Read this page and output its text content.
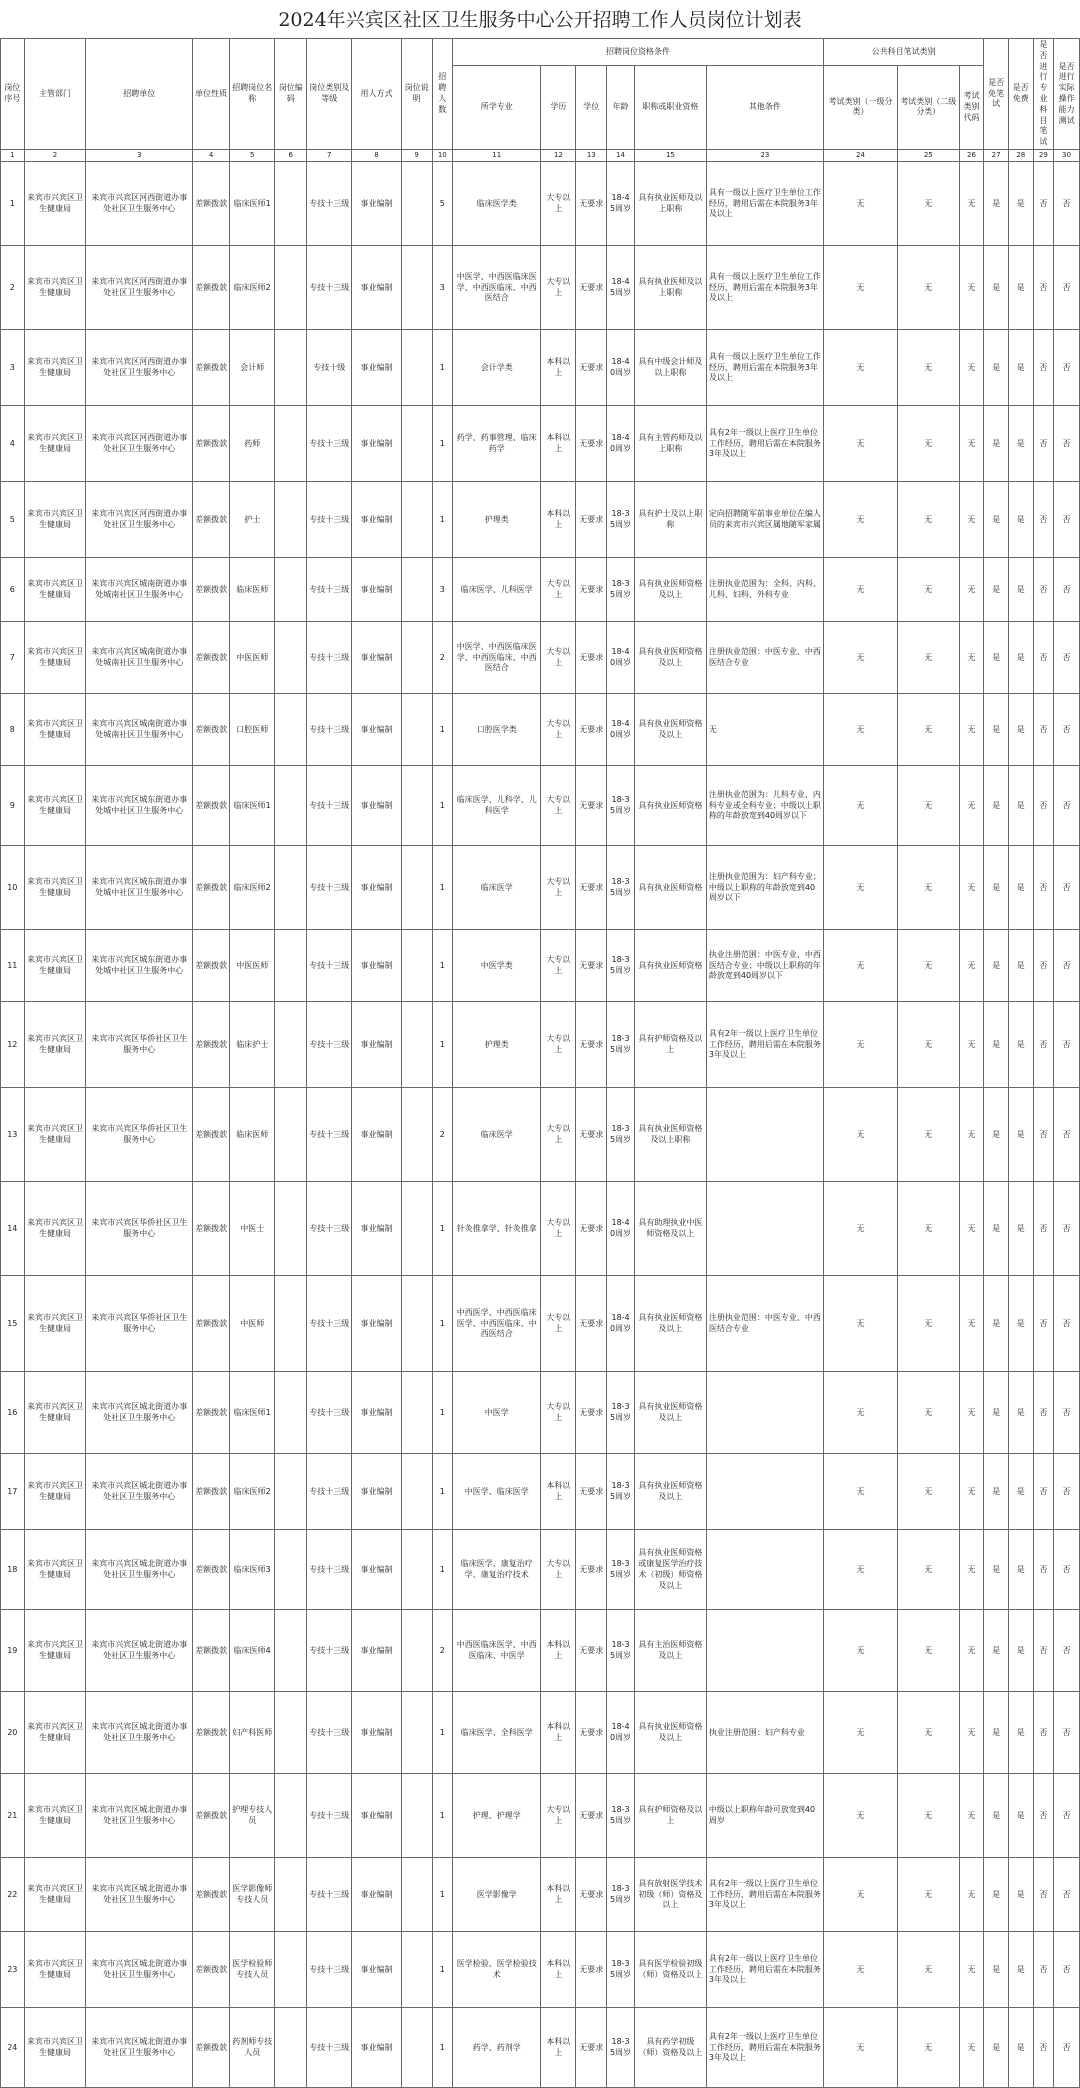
2024年兴宾区社区卫生服务中心公开招聘工作人员岗位计划表
岗位序号	主管部门	招聘单位	单位性质	招聘岗位名称	岗位编码	岗位类别及等级	用人方式	岗位说明	招聘人数	招聘岗位资格条件						公共科目笔试类别			是否免笔试	是否免费	是否进行专业科目笔试	是否进行实际操作能力测试
										所学专业	学历	学位	年龄	职称或职业资格	其他条件	考试类别（一级分类）	考试类别（二级分类）	考试类别代码				
1	2	3	4	5	6	7	8	9	10	11	12	13	14	15	23	24	25	26	27	28	29	30
1	来宾市兴宾区卫生健康局	来宾市兴宾区河西街道办事处社区卫生服务中心	差额拨款	临床医师1		专技十三级	事业编制		5	临床医学类	大专以上	无要求	18-45周岁	具有执业医师及以上职称	具有一级以上医疗卫生单位工作经历，聘用后需在本院服务3年及以上	无	无	无	是	是	否	否
2	来宾市兴宾区卫生健康局	来宾市兴宾区河西街道办事处社区卫生服务中心	差额拨款	临床医师2		专技十三级	事业编制		3	中医学、中西医临床医学、中西医临床、中西医结合	大专以上	无要求	18-45周岁	具有执业医师及以上职称	具有一级以上医疗卫生单位工作经历，聘用后需在本院服务3年及以上	无	无	无	是	是	否	否
3	来宾市兴宾区卫生健康局	来宾市兴宾区河西街道办事处社区卫生服务中心	差额拨款	会计师		专技十级	事业编制		1	会计学类	本科以上	无要求	18-40周岁	具有中级会计师及以上职称	具有一级以上医疗卫生单位工作经历，聘用后需在本院服务3年及以上	无	无	无	是	是	否	否
4	来宾市兴宾区卫生健康局	来宾市兴宾区河西街道办事处社区卫生服务中心	差额拨款	药师		专技十三级	事业编制		1	药学、药事管理、临床药学	本科以上	无要求	18-40周岁	具有主管药师及以上职称	具有2年一级以上医疗卫生单位工作经历，聘用后需在本院服务3年及以上	无	无	无	是	是	否	否
5	来宾市兴宾区卫生健康局	来宾市兴宾区河西街道办事处社区卫生服务中心	差额拨款	护士		专技十三级	事业编制		1	护理类	本科以上	无要求	18-35周岁	具有护士及以上职称	定向招聘随军前事业单位在编人员的来宾市兴宾区属地随军家属	无	无	无	是	是	否	否
6	来宾市兴宾区卫生健康局	来宾市兴宾区城南街道办事处城南社区卫生服务中心	差额拨款	临床医师		专技十三级	事业编制		3	临床医学、儿科医学	大专以上	无要求	18-35周岁	具有执业医师资格及以上	注册执业范围为：全科、内科、儿科、妇科、外科专业	无	无	无	是	是	否	否
7	来宾市兴宾区卫生健康局	来宾市兴宾区城南街道办事处城南社区卫生服务中心	差额拨款	中医医师		专技十三级	事业编制		2	中医学、中西医临床医学、中西医临床、中西医结合	大专以上	无要求	18-40周岁	具有执业医师资格及以上	注册执业范围：中医专业、中西医结合专业	无	无	无	是	是	否	否
8	来宾市兴宾区卫生健康局	来宾市兴宾区城南街道办事处城南社区卫生服务中心	差额拨款	口腔医师		专技十三级	事业编制		1	口腔医学类	大专以上	无要求	18-40周岁	具有执业医师资格及以上	无	无	无	无	是	是	否	否
9	来宾市兴宾区卫生健康局	来宾市兴宾区城东街道办事处城中社区卫生服务中心	差额拨款	临床医师1		专技十三级	事业编制		1	临床医学、儿科学、儿科医学	大专以上	无要求	18-35周岁	具有执业医师资格	注册执业范围为：儿科专业、内科专业或全科专业；中级以上职称的年龄放宽到40周岁以下	无	无	无	是	是	否	否
10	来宾市兴宾区卫生健康局	来宾市兴宾区城东街道办事处城中社区卫生服务中心	差额拨款	临床医师2		专技十三级	事业编制		1	临床医学	大专以上	无要求	18-35周岁	具有执业医师资格	注册执业范围为：妇产科专业；中级以上职称的年龄放宽到40周岁以下	无	无	无	是	是	否	否
11	来宾市兴宾区卫生健康局	来宾市兴宾区城东街道办事处城中社区卫生服务中心	差额拨款	中医医师		专技十三级	事业编制		1	中医学类	大专以上	无要求	18-35周岁	具有执业医师资格	执业注册范围：中医专业、中西医结合专业；中级以上职称的年龄放宽到40周岁以下	无	无	无	是	是	否	否
12	来宾市兴宾区卫生健康局	来宾市兴宾区华侨社区卫生服务中心	差额拨款	临床护士		专技十三级	事业编制		1	护理类	大专以上	无要求	18-35周岁	具有护师资格及以上	具有2年一级以上医疗卫生单位工作经历，聘用后需在本院服务3年及以上	无	无	无	是	是	否	否
13	来宾市兴宾区卫生健康局	来宾市兴宾区华侨社区卫生服务中心	差额拨款	临床医师		专技十三级	事业编制		2	临床医学	大专以上	无要求	18-35周岁	具有执业医师资格及以上职称		无	无	无	是	是	否	否
14	来宾市兴宾区卫生健康局	来宾市兴宾区华侨社区卫生服务中心	差额拨款	中医士		专技十三级	事业编制		1	针灸推拿学、针灸推拿	大专以上	无要求	18-40周岁	具有助理执业中医师资格及以上		无	无	无	是	是	否	否
15	来宾市兴宾区卫生健康局	来宾市兴宾区华侨社区卫生服务中心	差额拨款	中医师		专技十三级	事业编制		1	中西医学、中西医临床医学、中西医临床、中西医结合	大专以上	无要求	18-40周岁	具有执业医师资格及以上	注册执业范围：中医专业、中西医结合专业	无	无	无	是	是	否	否
16	来宾市兴宾区卫生健康局	来宾市兴宾区城北街道办事处社区卫生服务中心	差额拨款	临床医师1		专技十三级	事业编制		1	中医学	大专以上	无要求	18-35周岁	具有执业医师资格及以上		无	无	无	是	是	否	否
17	来宾市兴宾区卫生健康局	来宾市兴宾区城北街道办事处社区卫生服务中心	差额拨款	临床医师2		专技十三级	事业编制		1	中医学、临床医学	本科以上	无要求	18-35周岁	具有执业医师资格及以上		无	无	无	是	是	否	否
18	来宾市兴宾区卫生健康局	来宾市兴宾区城北街道办事处社区卫生服务中心	差额拨款	临床医师3		专技十三级	事业编制		1	临床医学、康复治疗学、康复治疗技术	大专以上	无要求	18-35周岁	具有执业医师资格或康复医学治疗技术（初级）师资格及以上		无	无	无	是	是	否	否
19	来宾市兴宾区卫生健康局	来宾市兴宾区城北街道办事处社区卫生服务中心	差额拨款	临床医师4		专技十三级	事业编制		2	中西医临床医学、中西医临床、中医学	本科以上	无要求	18-35周岁	具有主治医师资格及以上		无	无	无	是	是	否	否
20	来宾市兴宾区卫生健康局	来宾市兴宾区城北街道办事处社区卫生服务中心	差额拨款	妇产科医师		专技十三级	事业编制		1	临床医学、全科医学	本科以上	无要求	18-40周岁	具有执业医师资格及以上	执业注册范围：妇产科专业	无	无	无	是	是	否	否
21	来宾市兴宾区卫生健康局	来宾市兴宾区城北街道办事处社区卫生服务中心	差额拨款	护理专技人员		专技十三级	事业编制		1	护理、护理学	大专以上	无要求	18-35周岁	具有护师资格及以上	中级以上职称年龄可放宽到40周岁	无	无	无	是	是	否	否
22	来宾市兴宾区卫生健康局	来宾市兴宾区城北街道办事处社区卫生服务中心	差额拨款	医学影像师专技人员		专技十三级	事业编制		1	医学影像学	本科以上	无要求	18-35周岁	具有放射医学技术初级（师）资格及以上	具有2年一级以上医疗卫生单位工作经历，聘用后需在本院服务3年及以上	无	无	无	是	是	否	否
23	来宾市兴宾区卫生健康局	来宾市兴宾区城北街道办事处社区卫生服务中心	差额拨款	医学检验师专技人员		专技十三级	事业编制		1	医学检验、医学检验技术	本科以上	无要求	18-35周岁	具有医学检验初级（师）资格及以上	具有2年一级以上医疗卫生单位工作经历，聘用后需在本院服务3年及以上	无	无	无	是	是	否	否
24	来宾市兴宾区卫生健康局	来宾市兴宾区城北街道办事处社区卫生服务中心	差额拨款	药剂师专技人员		专技十三级	事业编制		1	药学、药剂学	本科以上	无要求	18-35周岁	具有药学初级（师）资格及以上	具有2年一级以上医疗卫生单位工作经历，聘用后需在本院服务3年及以上	无	无	无	是	是	否	否
